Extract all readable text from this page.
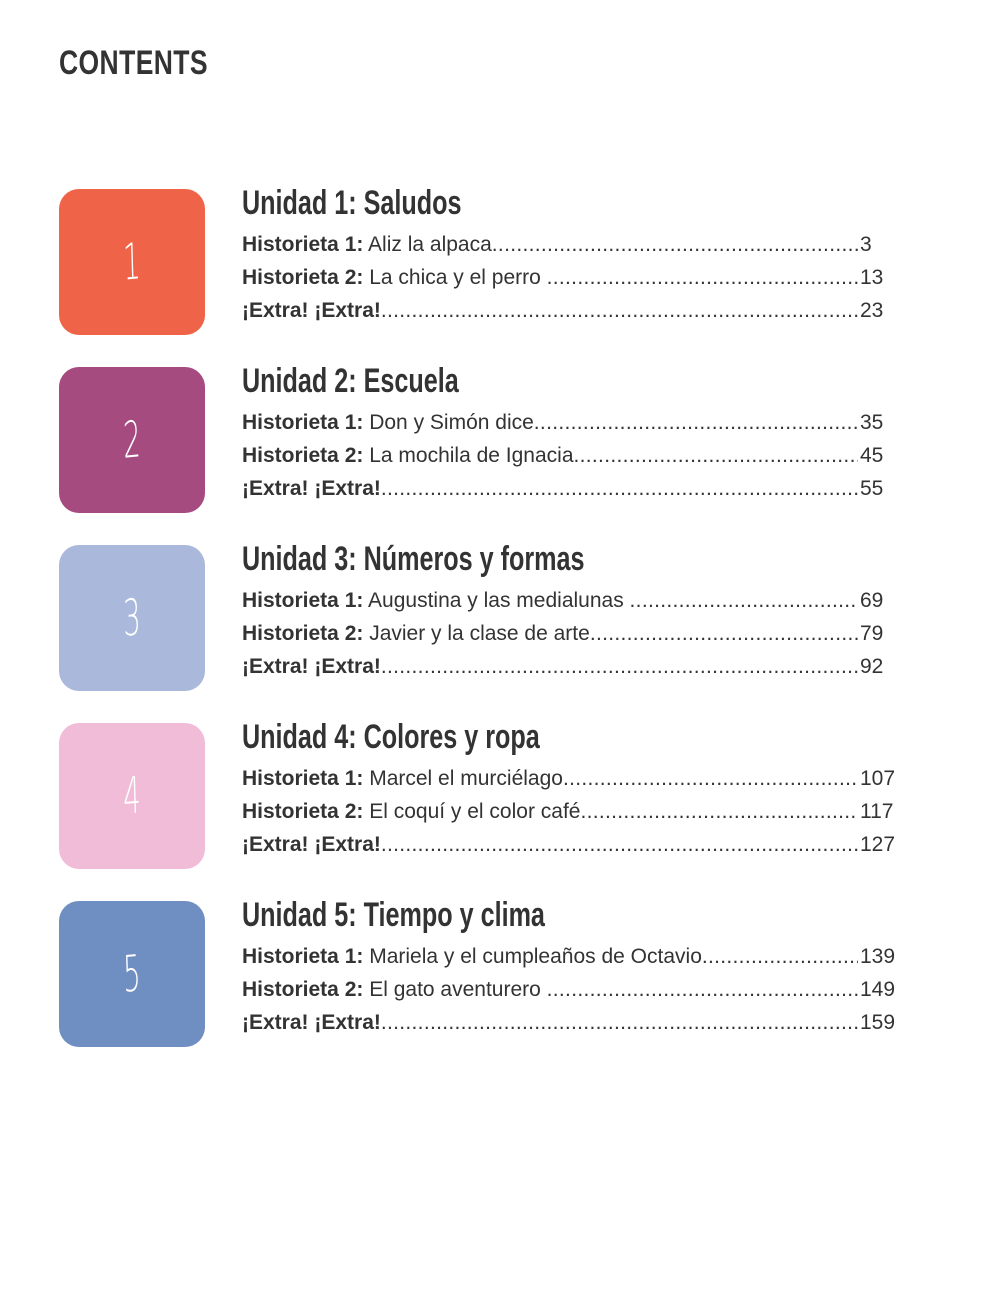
CONTENTS
1
Unidad 1: Saludos
Historieta 1: Aliz la alpaca .....	3
Historieta 2: La chica y el perro .....	13
¡Extra! ¡Extra! .....	23
2
Unidad 2: Escuela
Historieta 1: Don y Simón dice .....	35
Historieta 2: La mochila de Ignacia .....	45
¡Extra! ¡Extra! .....	55
3
Unidad 3: Números y formas
Historieta 1: Augustina y las medialunas .....	69
Historieta 2: Javier y la clase de arte .....	79
¡Extra! ¡Extra! .....	92
4
Unidad 4: Colores y ropa
Historieta 1: Marcel el murciélago .....	107
Historieta 2: El coquí y el color café .....	117
¡Extra! ¡Extra! .....	127
5
Unidad 5: Tiempo y clima
Historieta 1: Mariela y el cumpleaños de Octavio .....	139
Historieta 2: El gato aventurero .....	149
¡Extra! ¡Extra! .....	159
